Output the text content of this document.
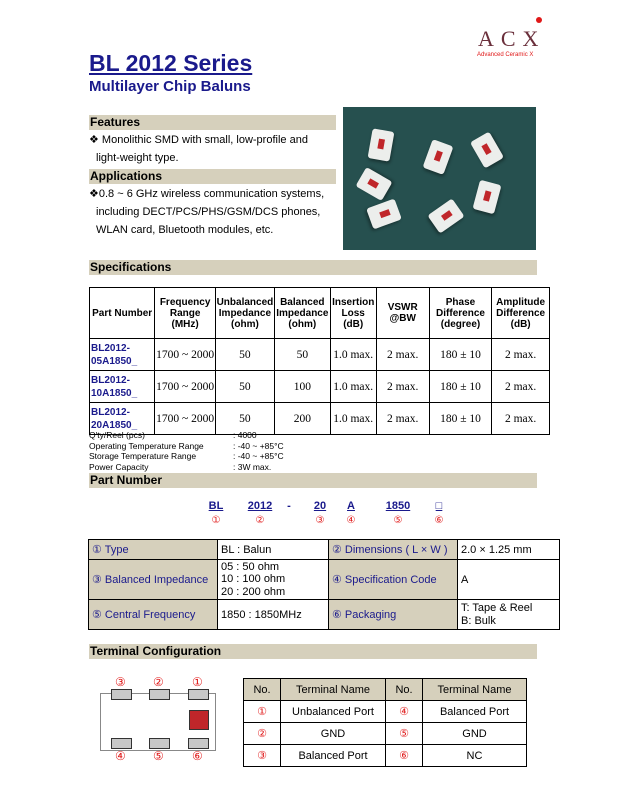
ACX
Advanced Ceramic X
BL 2012 Series
Multilayer Chip Baluns
Features
❖ Monolithic SMD with small, low-profile and
light-weight type.
Applications
❖0.8 ~ 6 GHz wireless communication systems,
including DECT/PCS/PHS/GSM/DCS phones,
WLAN card, Bluetooth modules, etc.
Specifications
Part Number	Frequency Range (MHz)	Unbalanced Impedance (ohm)	Balanced Impedance (ohm)	Insertion Loss (dB)	VSWR @BW	Phase Difference (degree)	Amplitude Difference (dB)
BL2012-05A1850_	1700 ~ 2000	50	50	1.0 max.	2 max.	180 ± 10	2 max.
BL2012-10A1850_	1700 ~ 2000	50	100	1.0 max.	2 max.	180 ± 10	2 max.
BL2012-20A1850_	1700 ~ 2000	50	200	1.0 max.	2 max.	180 ± 10	2 max.
Q'ty/Reel (pcs)	: 4000
Operating Temperature Range	: -40 ~ +85°C
Storage Temperature Range	: -40 ~ +85°C
Power Capacity	: 3W max.
Part Number
BL
①
2012
②
-	20
③
A
④
1850
⑤
□
⑥
① Type	BL : Balun	② Dimensions ( L × W )	2.0 × 1.25 mm

③ Balanced Impedance	05 : 50 ohm
10 : 100 ohm
20 : 200 ohm	④ Specification Code	A

⑤ Central Frequency	1850 : 1850MHz	⑥ Packaging	T: Tape & Reel
B: Bulk
Terminal Configuration
③ ② ①
④ ⑤ ⑥
No.	Terminal Name	No.	Terminal Name
①	Unbalanced Port	④	Balanced Port
②	GND	⑤	GND
③	Balanced Port	⑥	NC
